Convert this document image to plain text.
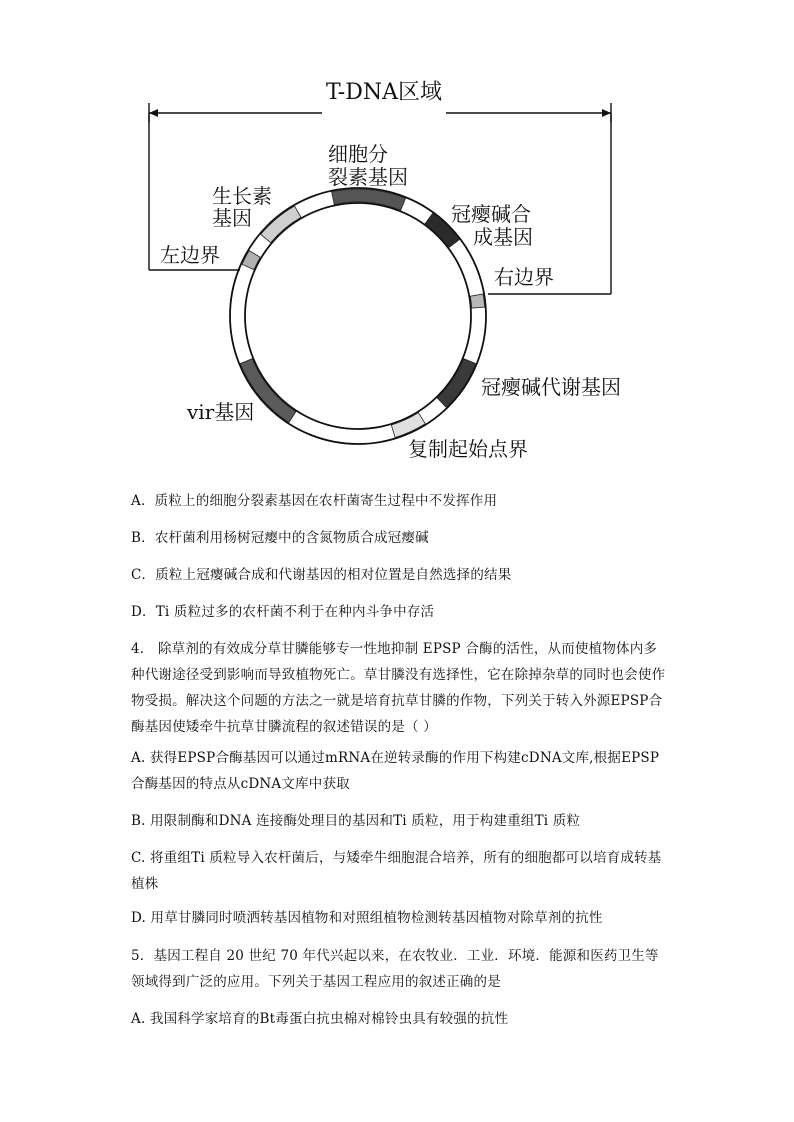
T-DNA区域
细胞分
裂素基因
生长素
基因
左边界
冠瘿碱合
成基因
右边界
冠瘿碱代谢基因
vir基因
复制起始点界
A．质粒上的细胞分裂素基因在农杆菌寄生过程中不发挥作用
B．农杆菌利用杨树冠瘿中的含氮物质合成冠瘿碱
C．质粒上冠瘿碱合成和代谢基因的相对位置是自然选择的结果
D．Ti 质粒过多的农杆菌不利于在种内斗争中存活
4． 除草剂的有效成分草甘膦能够专一性地抑制 EPSP 合酶的活性，从而使植物体内多种代谢途径受到影响而导致植物死亡。草甘膦没有选择性，它在除掉杂草的同时也会使作物受损。解决这个问题的方法之一就是培育抗草甘膦的作物，下列关于转入外源EPSP合酶基因使矮牵牛抗草甘膦流程的叙述错误的是（ ）
A. 获得EPSP合酶基因可以通过mRNA在逆转录酶的作用下构建cDNA文库,根据EPSP合酶基因的特点从cDNA文库中获取
B. 用限制酶和DNA 连接酶处理目的基因和Ti 质粒，用于构建重组Ti 质粒
C. 将重组Ti 质粒导入农杆菌后，与矮牵牛细胞混合培养，所有的细胞都可以培育成转基植株
D. 用草甘膦同时喷洒转基因植物和对照组植物检测转基因植物对除草剂的抗性
5．基因工程自 20 世纪 70 年代兴起以来，在农牧业．工业．环境．能源和医药卫生等领域得到广泛的应用。下列关于基因工程应用的叙述正确的是
A. 我国科学家培育的Bt毒蛋白抗虫棉对棉铃虫具有较强的抗性
